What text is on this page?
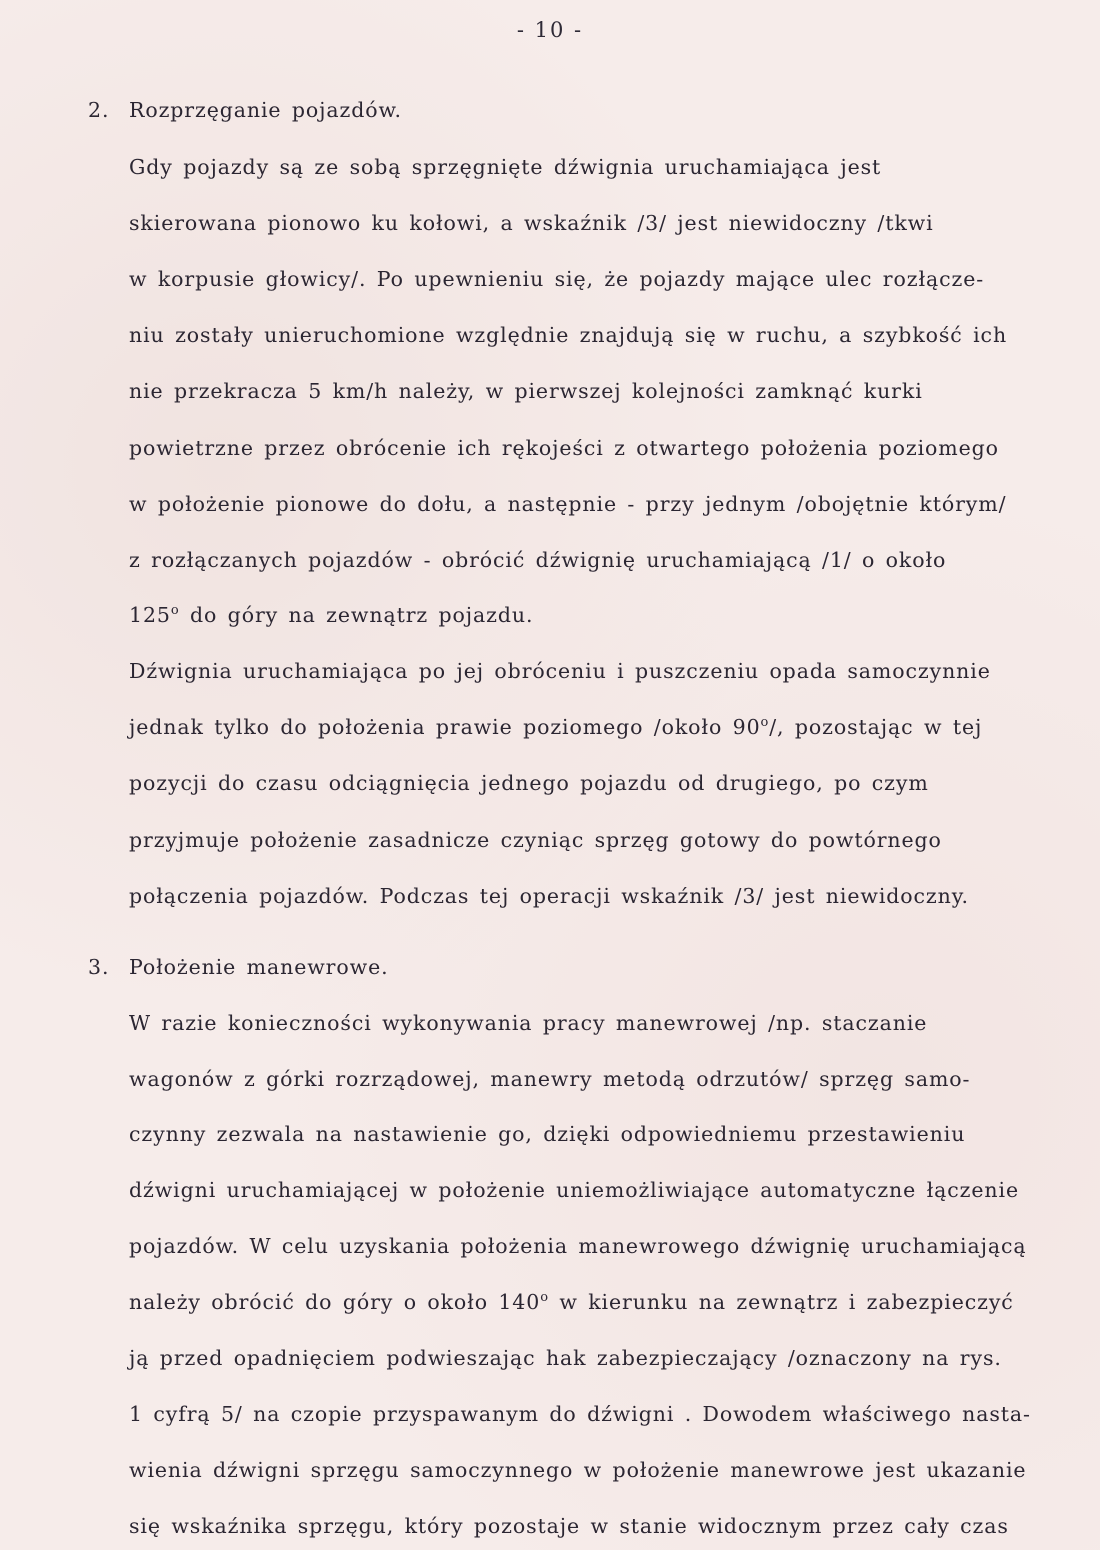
- 10 -
2. Rozprzęganie pojazdów.
Gdy pojazdy są ze sobą sprzęgnięte dźwignia uruchamiająca jest
skierowana pionowo ku kołowi, a wskaźnik /3/ jest niewidoczny /tkwi
w korpusie głowicy/. Po upewnieniu się, że pojazdy mające ulec rozłącze-
niu zostały unieruchomione względnie znajdują się w ruchu, a szybkość ich
nie przekracza 5 km/h należy, w pierwszej kolejności zamknąć kurki
powietrzne przez obrócenie ich rękojeści z otwartego położenia poziomego
w położenie pionowe do dołu, a następnie - przy jednym /obojętnie którym/
z rozłączanych pojazdów - obrócić dźwignię uruchamiającą /1/ o około
125$^o$ do góry na zewnątrz pojazdu.
Dźwignia uruchamiająca po jej obróceniu i puszczeniu opada samoczynnie
jednak tylko do położenia prawie poziomego /około 90$^o$/, pozostając w tej
pozycji do czasu odciągnięcia jednego pojazdu od drugiego, po czym
przyjmuje położenie zasadnicze czyniąc sprzęg gotowy do powtórnego
połączenia pojazdów. Podczas tej operacji wskaźnik /3/ jest niewidoczny.
3. Położenie manewrowe.
W razie konieczności wykonywania pracy manewrowej /np. staczanie
wagonów z górki rozrządowej, manewry metodą odrzutów/ sprzęg samo-
czynny zezwala na nastawienie go, dzięki odpowiedniemu przestawieniu
dźwigni uruchamiającej w położenie uniemożliwiające automatyczne łączenie
pojazdów. W celu uzyskania położenia manewrowego dźwignię uruchamiającą
należy obrócić do góry o około 140$^o$ w kierunku na zewnątrz i zabezpieczyć
ją przed opadnięciem podwieszając hak zabezpieczający /oznaczony na rys.
1 cyfrą 5/ na czopie przyspawanym do dźwigni . Dowodem właściwego nasta-
wienia dźwigni sprzęgu samoczynnego w położenie manewrowe jest ukazanie
się wskaźnika sprzęgu, który pozostaje w stanie widocznym przez cały czas
